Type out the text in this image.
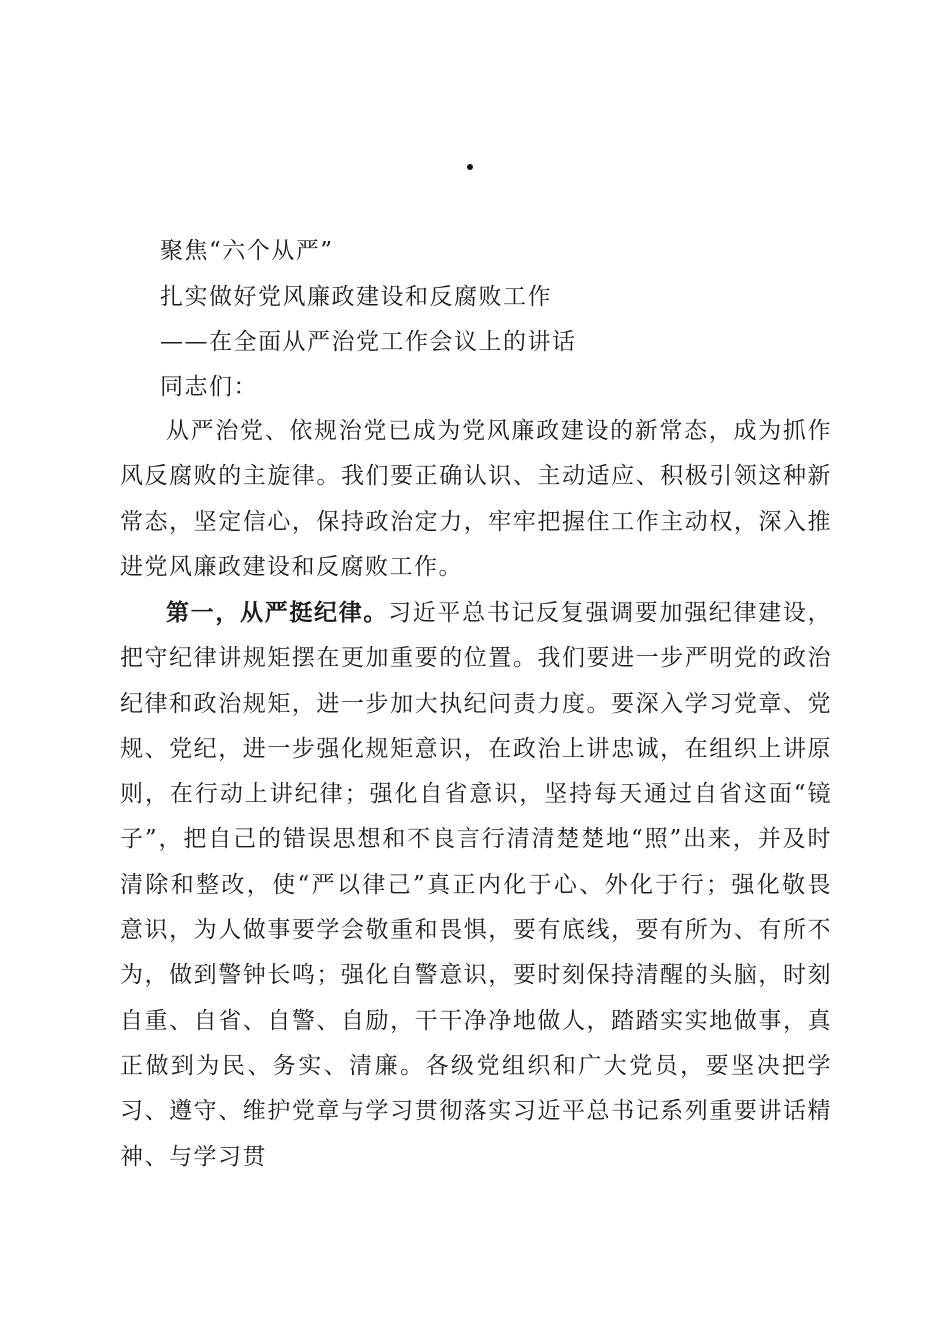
聚焦“六个从严”
扎实做好党风廉政建设和反腐败工作
——在全面从严治党工作会议上的讲话
同志们：

从严治党、依规治党已成为党风廉政建设的新常态，成为抓作风反腐败的主旋律。我们要正确认识、主动适应、积极引领这种新常态，坚定信心，保持政治定力，牢牢把握住工作主动权，深入推进党风廉政建设和反腐败工作。

第一，从严挺纪律。习近平总书记反复强调要加强纪律建设，把守纪律讲规矩摆在更加重要的位置。我们要进一步严明党的政治纪律和政治规矩，进一步加大执纪问责力度。要深入学习党章、党规、党纪，进一步强化规矩意识，在政治上讲忠诚，在组织上讲原则，在行动上讲纪律；强化自省意识，坚持每天通过自省这面“镜子”，把自己的错误思想和不良言行清清楚楚地“照”出来，并及时清除和整改，使“严以律己”真正内化于心、外化于行；强化敬畏意识，为人做事要学会敬重和畏惧，要有底线，要有所为、有所不为，做到警钟长鸣；强化自警意识，要时刻保持清醒的头脑，时刻自重、自省、自警、自励，干干净净地做人，踏踏实实地做事，真正做到为民、务实、清廉。各级党组织和广大党员，要坚决把学习、遵守、维护党章与学习贯彻落实习近平总书记系列重要讲话精神、与学习贯
